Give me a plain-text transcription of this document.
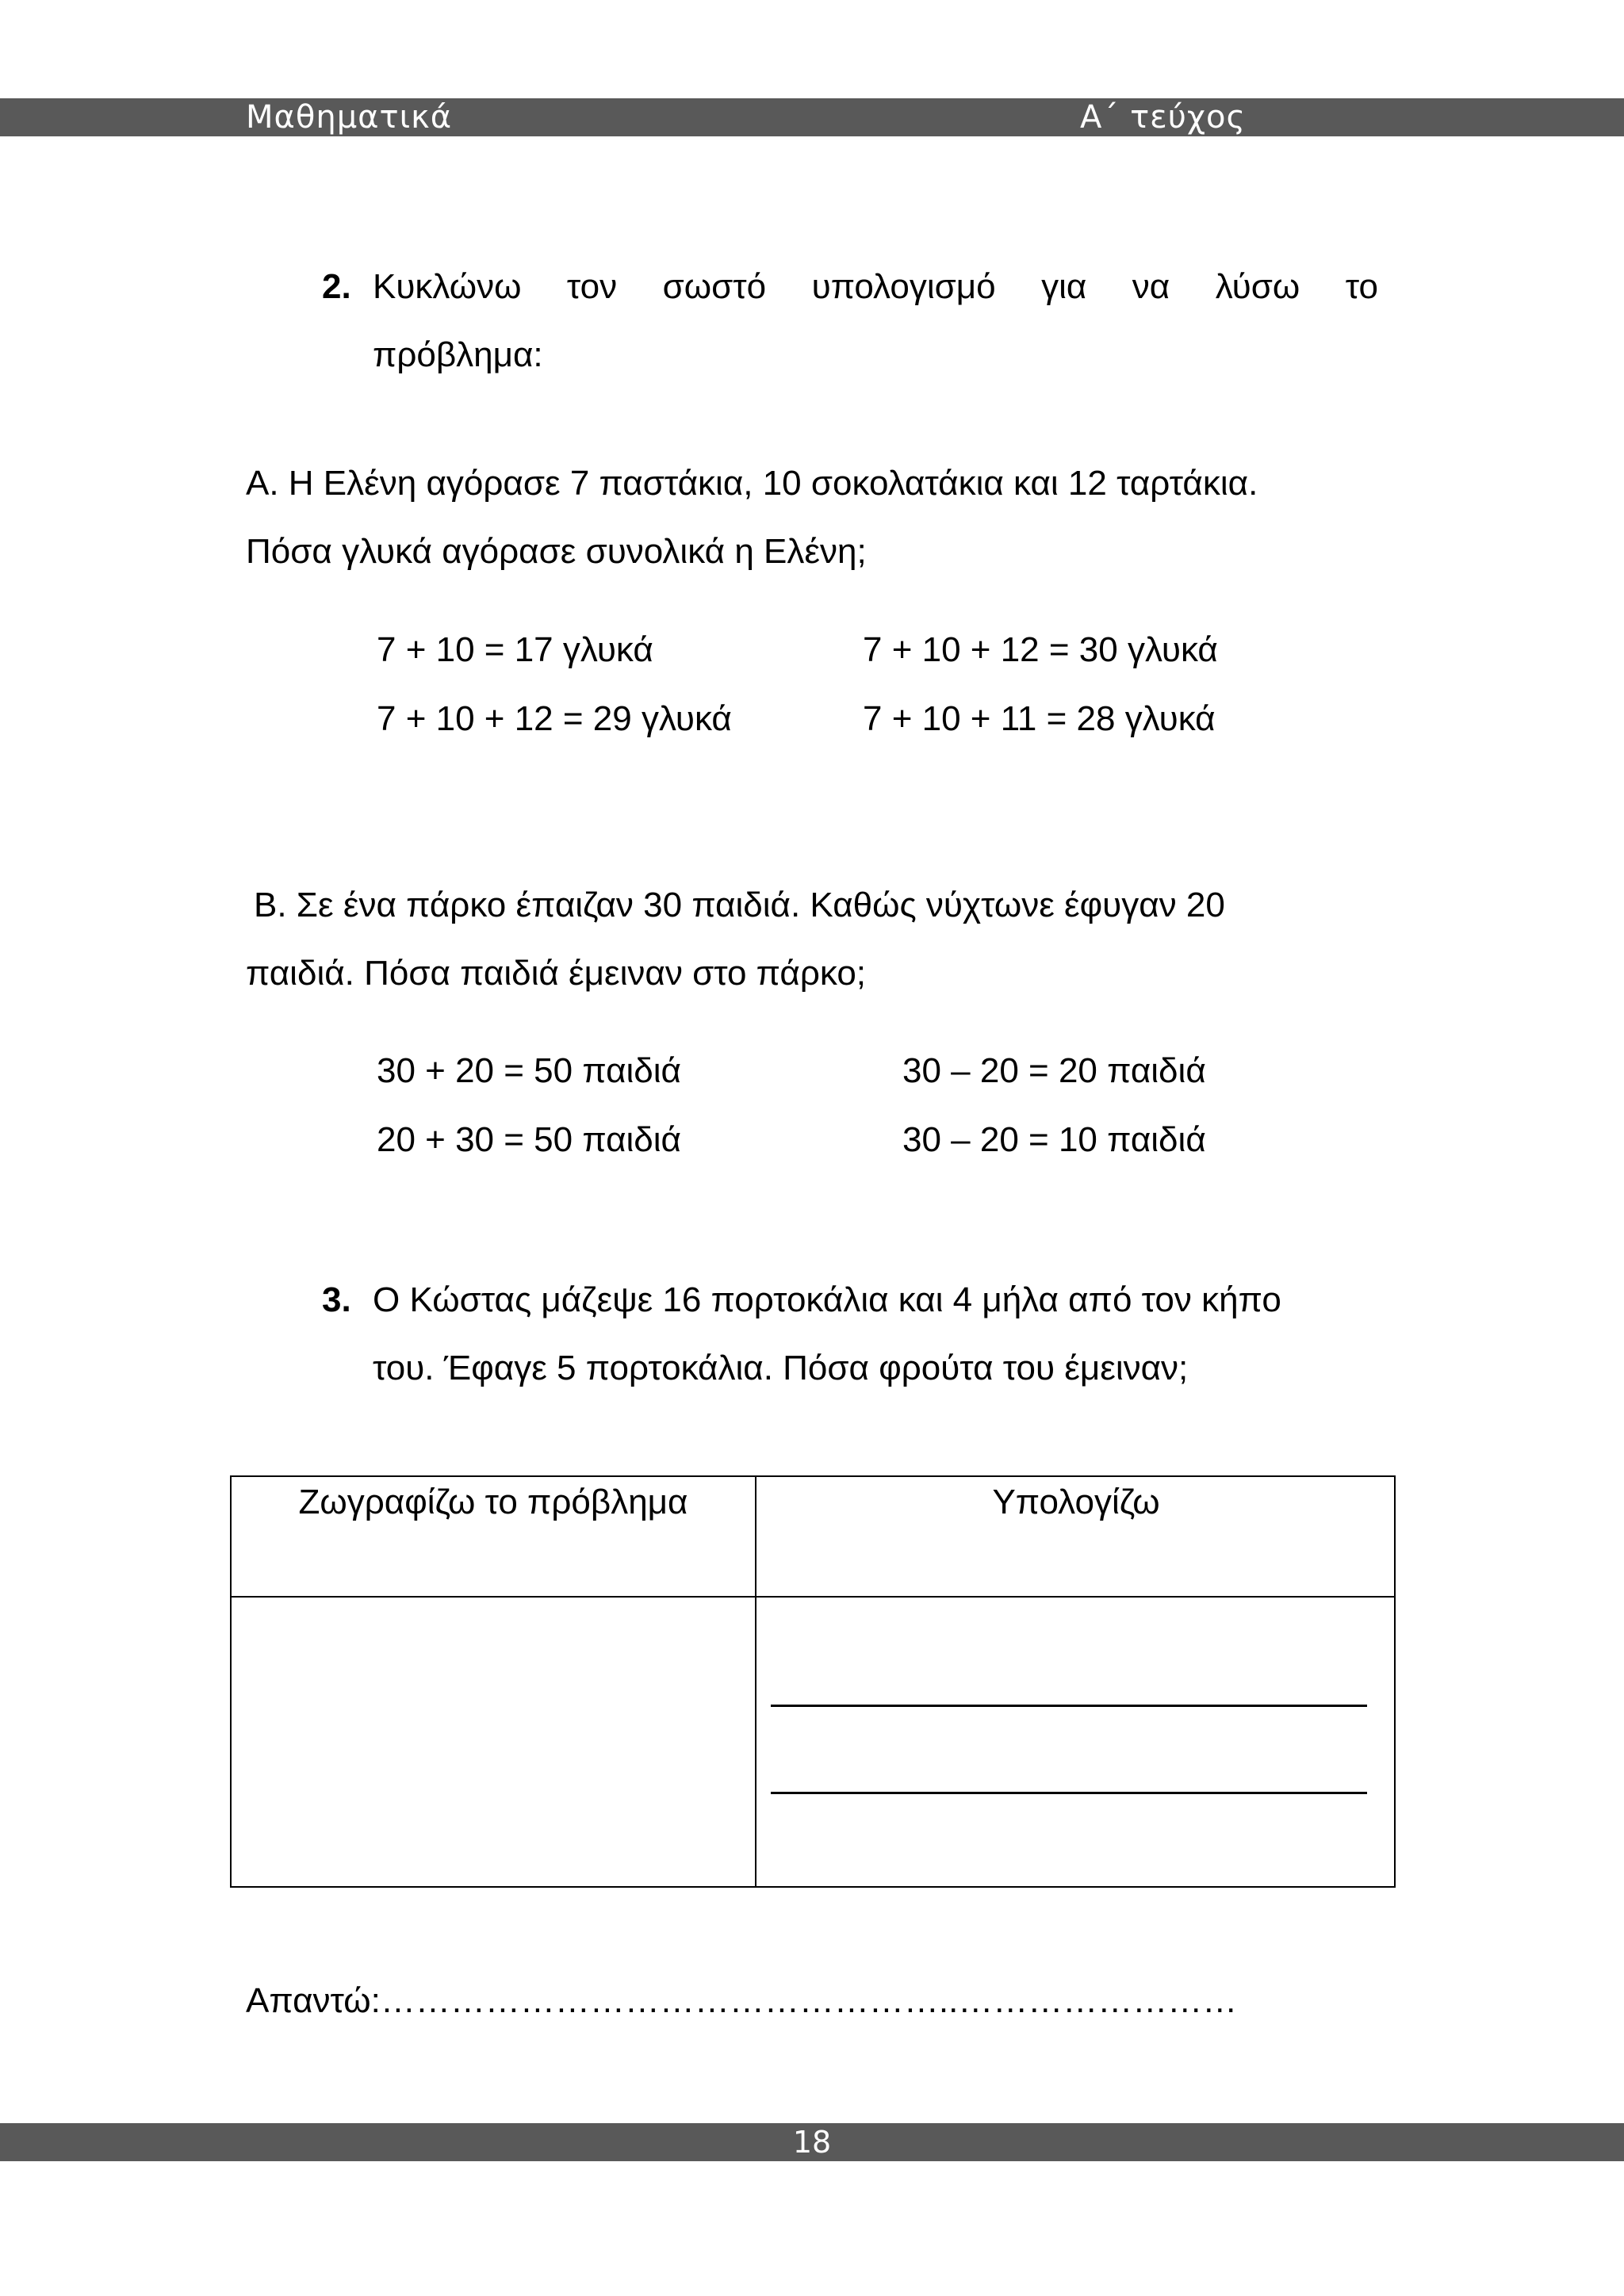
Μαθηματικά	Α΄ τεύχος
2. Κυκλώνω τον σωστό υπολογισμό για να λύσω το
πρόβλημα:
Α. Η Ελένη αγόρασε 7 παστάκια, 10 σοκολατάκια και 12 ταρτάκια.
Πόσα γλυκά αγόρασε συνολικά η Ελένη;
7 + 10 = 17 γλυκά	7 + 10 + 12 = 30 γλυκά
7 + 10 + 12 = 29 γλυκά	7 + 10 + 11 = 28 γλυκά
Β. Σε ένα πάρκο έπαιζαν 30 παιδιά. Καθώς νύχτωνε έφυγαν 20
παιδιά. Πόσα παιδιά έμειναν στο πάρκο;
30 + 20 = 50 παιδιά	30 – 20 = 20 παιδιά
20 + 30 = 50 παιδιά	30 – 20 = 10 παιδιά
3. Ο Κώστας μάζεψε 16 πορτοκάλια και 4 μήλα από τον κήπο
του. Έφαγε 5 πορτοκάλια. Πόσα φρούτα του έμειναν;
Ζωγραφίζω το πρόβλημα	Υπολογίζω
Απαντώ:…………………………………………..……………………
18
